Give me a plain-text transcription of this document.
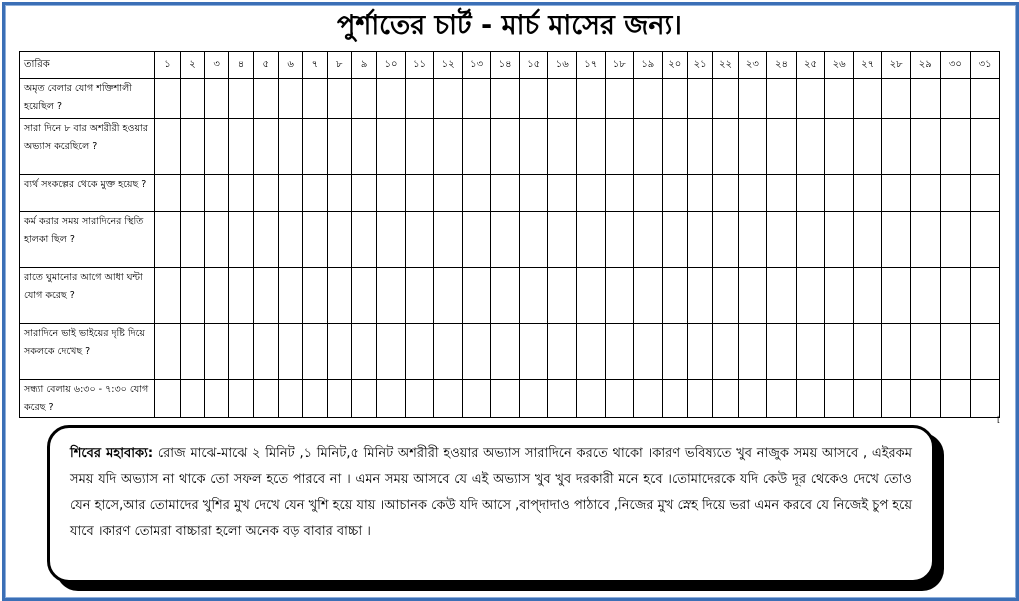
পুর্শাতের চার্ট - মার্চ মাসের জন্য।
তারিক	১	২	৩	৪	৫	৬	৭	৮	৯	১০	১১	১২	১৩	১৪	১৫	১৬	১৭	১৮	১৯	২০	২১	২২	২৩	২৪	২৫	২৬	২৭	২৮	২৯	৩০	৩১
অমৃত বেলার যোগ শক্তিশালী হয়েছিল ?																															
সারা দিনে ৮ বার অশরীরী হওয়ার অভ্যাস করেছিলে ?																															
ব্যর্থ সংকল্পের থেকে মুক্ত হয়েছ ?																															
কর্ম করার সময় সারাদিনের স্থিতি হালকা ছিল ?																															
রাতে ঘুমানোর আগে আধা ঘন্টা যোগ করেছ ?																															
সারাদিনে ভাই ভাইয়ের দৃষ্টি দিয়ে সকলকে দেখেছ ?																															
সন্ধ্যা বেলায় ৬:৩০ - ৭:৩০ যোগ করেছ ?																															
⌊
শিবের মহাবাক্য: রোজ মাঝে-মাঝে ২ মিনিট ,১ মিনিট,৫ মিনিট অশরীরী হওয়ার অভ্যাস সারাদিনে করতে থাকো ।কারণ ভবিষ্যতে খুব নাজুক সময় আসবে , এইরকম সময় যদি অভ্যাস না থাকে তো সফল হতে পারবে না । এমন সময় আসবে যে এই অভ্যাস খুব খুব দরকারী মনে হবে ।তোমাদেরকে যদি কেউ দূর থেকেও দেখে তোও যেন হাসে,আর তোমাদের খুশির মুখ দেখে যেন খুশি হয়ে যায় ।আচানক কেউ যদি আসে ,বাপ্দাদাও পাঠাবে ,নিজের মুখ স্নেহ দিয়ে ভরা এমন করবে যে নিজেই চুপ হয়ে যাবে ।কারণ তোমরা বাচ্চারা হলো অনেক বড় বাবার বাচ্চা ।
